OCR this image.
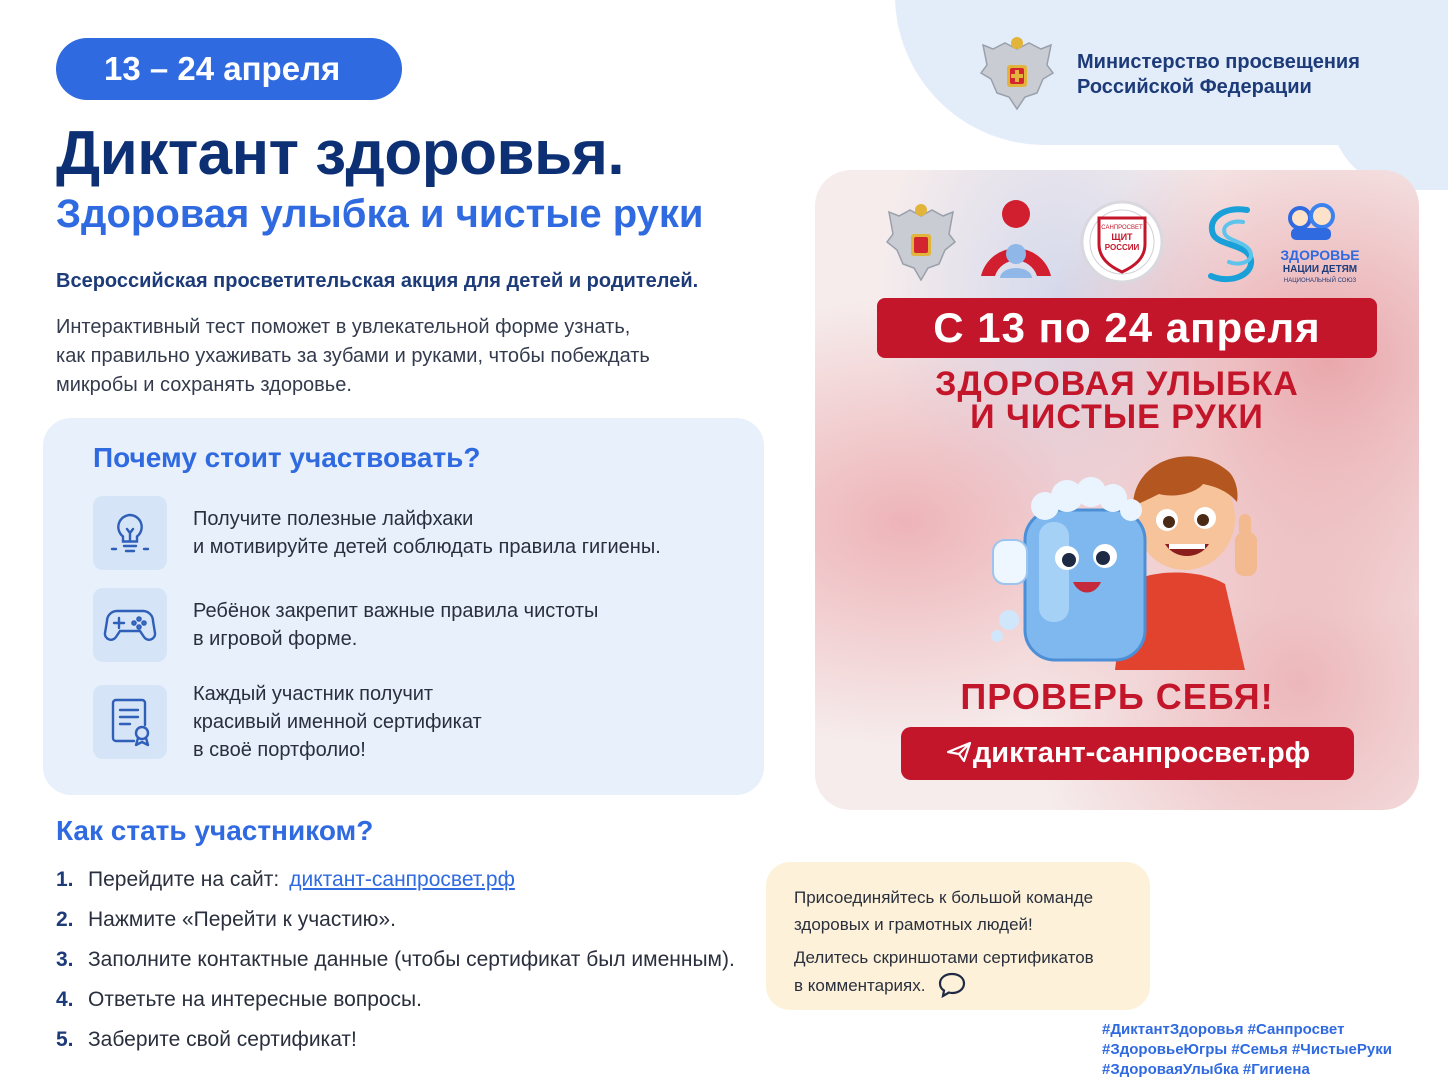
13 – 24 апреля	Министерство просвещения
Российской Федерации
Диктант здоровья.
Здоровая улыбка и чистые руки
Всероссийская просветительская акция для детей и родителей.
Интерактивный тест поможет в увлекательной форме узнать,
как правильно ухаживать за зубами и руками, чтобы побеждать
микробы и сохранять здоровье.
Почему стоит участвовать?
Получите полезные лайфхаки
и мотивируйте детей соблюдать правила гигиены.
Ребёнок закрепит важные правила чистоты
в игровой форме.
Каждый участник получит
красивый именной сертификат
в своё портфолио!
Как стать участником?
1. Перейдите на сайт: диктант-санпросвет.рф
2. Нажмите «Перейти к участию».
3. Заполните контактные данные (чтобы сертификат был именным).
4. Ответьте на интересные вопросы.
5. Заберите свой сертификат!
Присоединяйтесь к большой команде
здоровых и грамотных людей!
Делитесь скриншотами сертификатов
в комментариях.
#ДиктантЗдоровья #Санпросвет
#ЗдоровьеЮгры #Семья #ЧистыеРуки
#ЗдороваяУлыбка #Гигиена
САНПРОСВЕТ
ЩИТ
РОССИИ	ЗДОРОВЬЕ
НАЦИИ ДЕТЯМ
НАЦИОНАЛЬНЫЙ СОЮЗ
С 13 по 24 апреля
ЗДОРОВАЯ УЛЫБКА
И ЧИСТЫЕ РУКИ
ПРОВЕРЬ СЕБЯ!
диктант-санпросвет.рф
